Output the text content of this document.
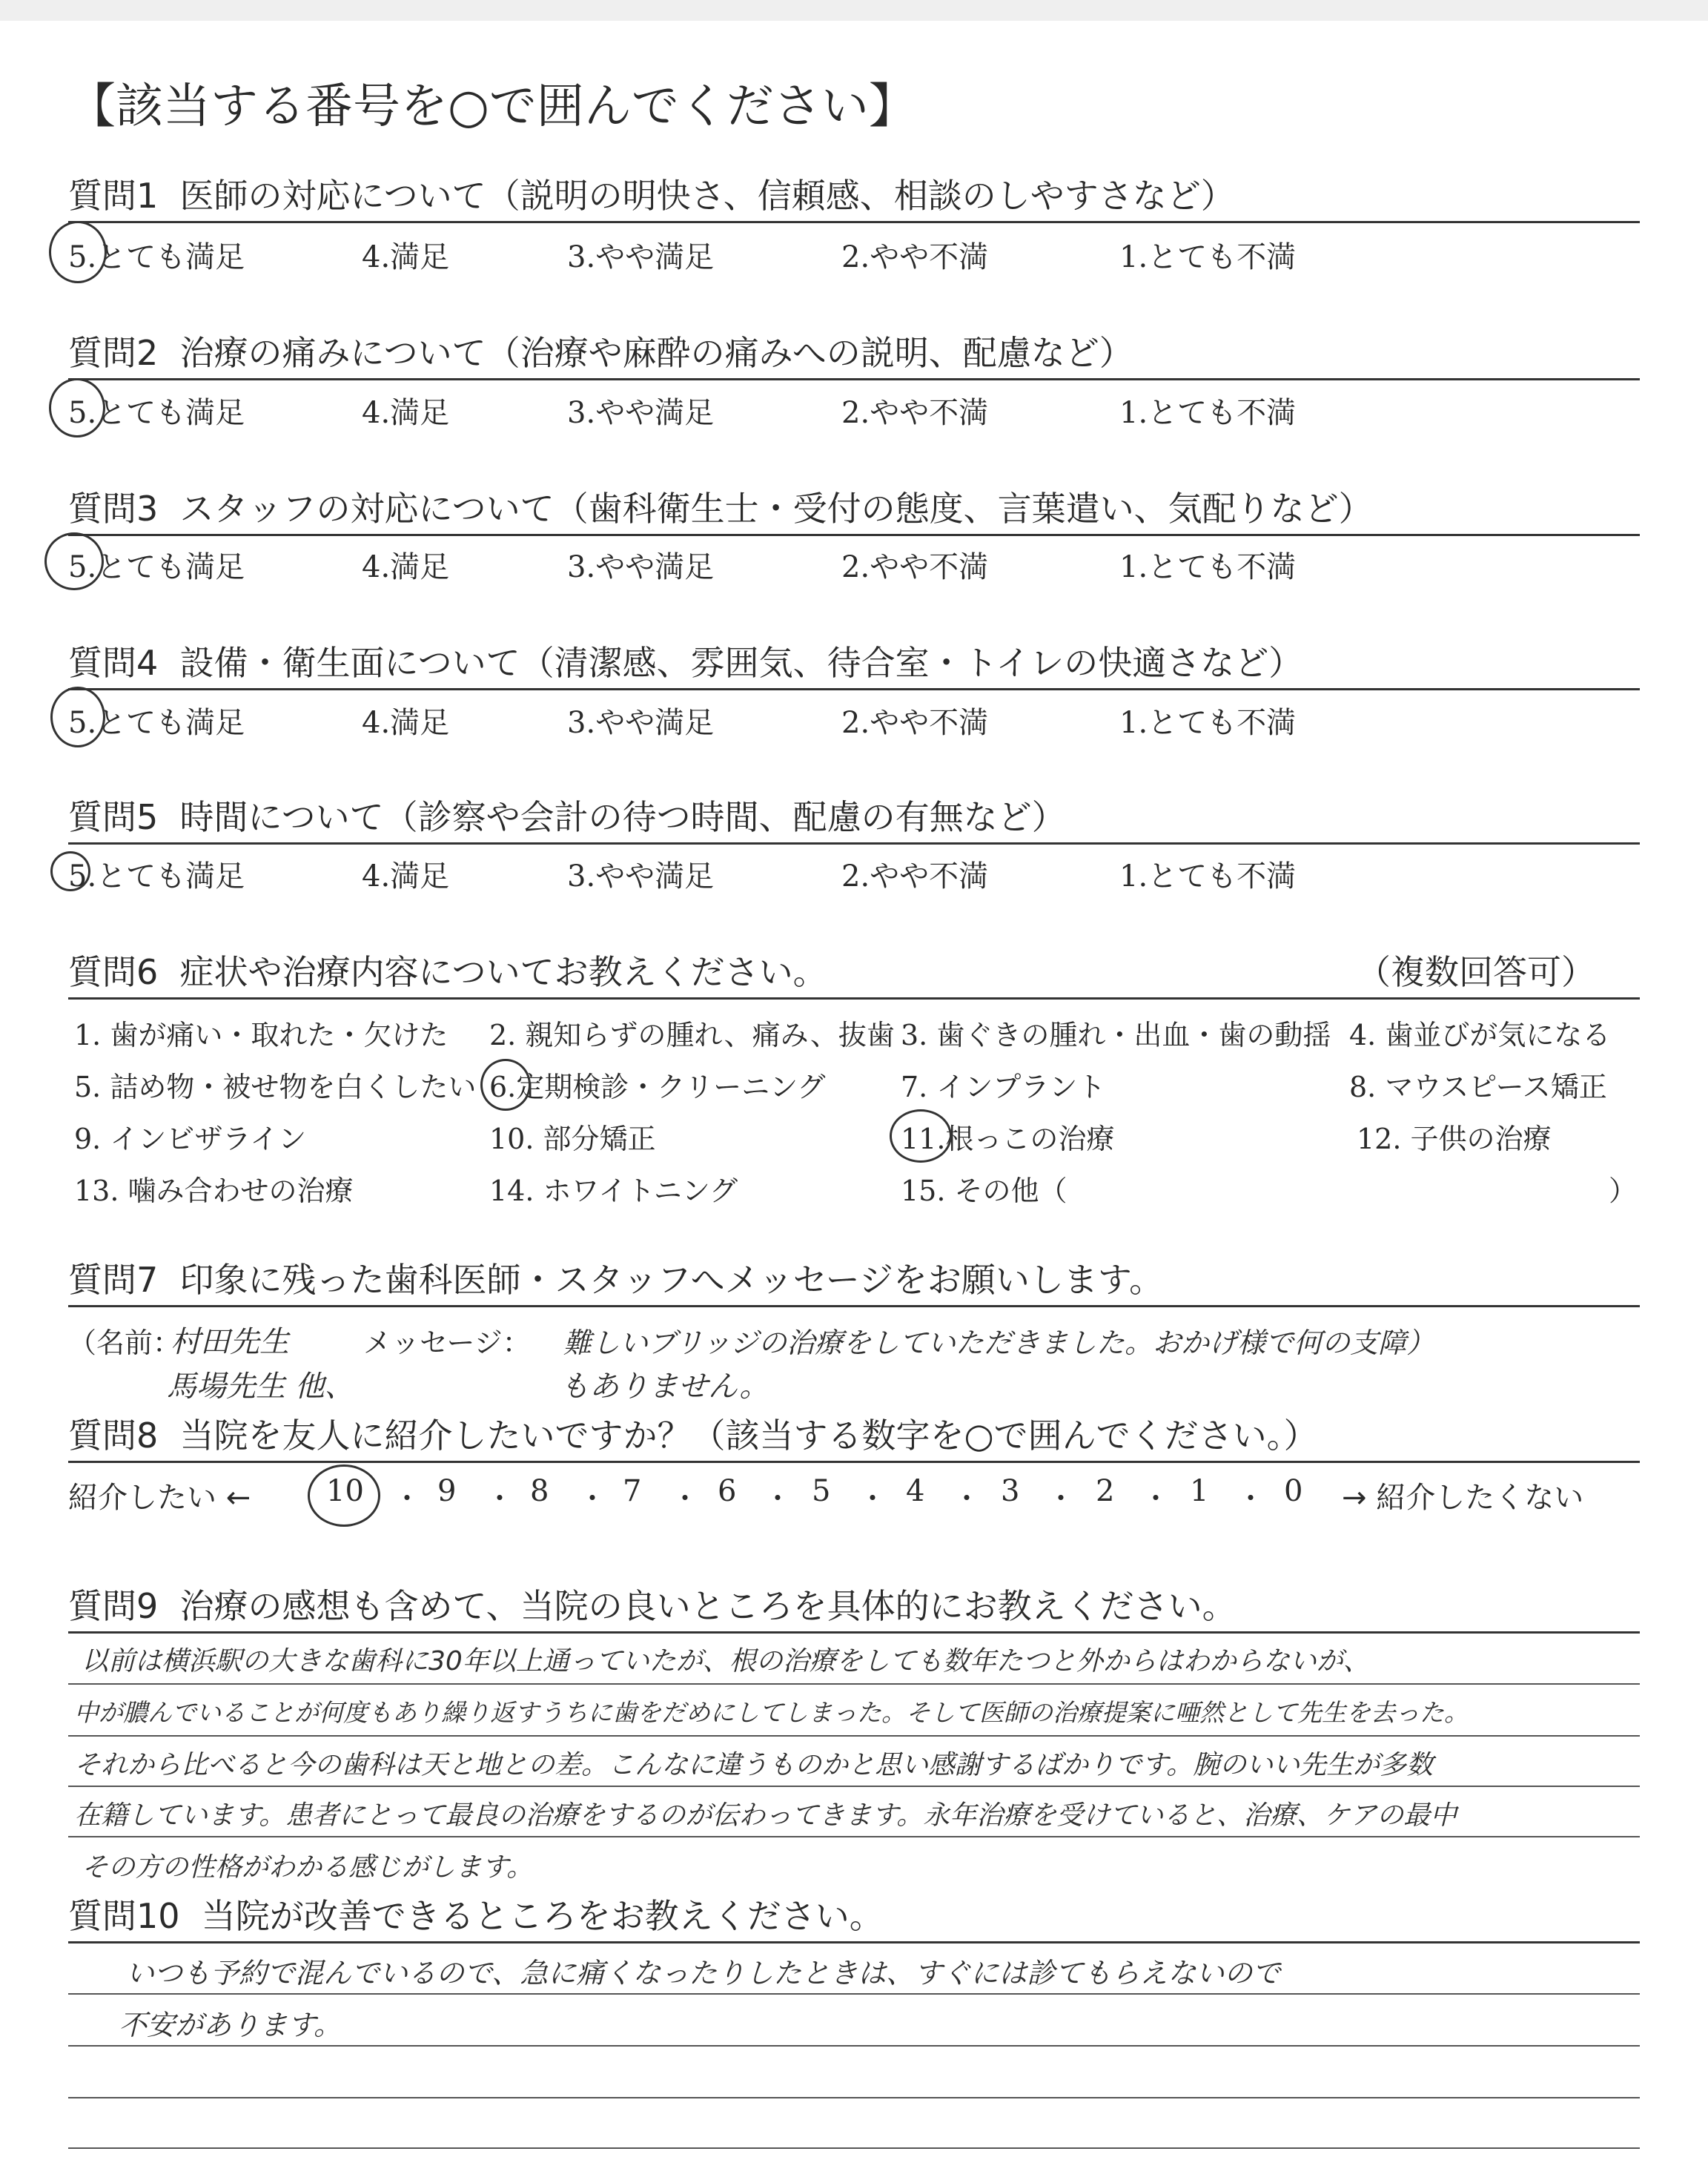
【該当する番号を○で囲んでください】
質問1 医師の対応について（説明の明快さ、信頼感、相談のしやすさなど）
5.とても満足	4.満足	3.やや満足	2.やや不満	1.とても不満
質問2 治療の痛みについて（治療や麻酔の痛みへの説明、配慮など）
5.とても満足	4.満足	3.やや満足	2.やや不満	1.とても不満
質問3 スタッフの対応について（歯科衛生士・受付の態度、言葉遣い、気配りなど）
5.とても満足	4.満足	3.やや満足	2.やや不満	1.とても不満
質問4 設備・衛生面について（清潔感、雰囲気、待合室・トイレの快適さなど）
5.とても満足	4.満足	3.やや満足	2.やや不満	1.とても不満
質問5 時間について（診察や会計の待つ時間、配慮の有無など）
5.とても満足	4.満足	3.やや満足	2.やや不満	1.とても不満
質問6 症状や治療内容についてお教えください。	（複数回答可）
1. 歯が痛い・取れた・欠けた 2. 親知らずの腫れ、痛み、抜歯 3. 歯ぐきの腫れ・出血・歯の動揺 4. 歯並びが気になる
5. 詰め物・被せ物を白くしたい 6.定期検診・クリーニング	7. インプラント	8. マウスピース矯正
9. インビザライン	10. 部分矯正	11.根っこの治療	12. 子供の治療
13. 噛み合わせの治療	14. ホワイトニング	15. その他（	）
質問7 印象に残った歯科医師・スタッフへメッセージをお願いします。
（名前：
村田先生
馬場先生 他、
メッセージ： 難しいブリッジの治療をしていただきました。おかげ様で何の支障）
もありません。
質問8 当院を友人に紹介したいですか？（該当する数字を○で囲んでください。）
紹介したい ←	10 ・ 9 ・ 8 ・ 7 ・ 6 ・ 5 ・ 4 ・ 3 ・ 2 ・ 1 ・ 0 → 紹介したくない
質問9 治療の感想も含めて、当院の良いところを具体的にお教えください。
以前は横浜駅の大きな歯科に30年以上通っていたが、根の治療をしても数年たつと外からはわからないが、
中が膿んでいることが何度もあり繰り返すうちに歯をだめにしてしまった。そして医師の治療提案に唖然として先生を去った。
それから比べると今の歯科は天と地との差。こんなに違うものかと思い感謝するばかりです。腕のいい先生が多数
在籍しています。患者にとって最良の治療をするのが伝わってきます。永年治療を受けていると、治療、ケアの最中
その方の性格がわかる感じがします。
質問10 当院が改善できるところをお教えください。
いつも予約で混んでいるので、急に痛くなったりしたときは、すぐには診てもらえないので
不安があります。
